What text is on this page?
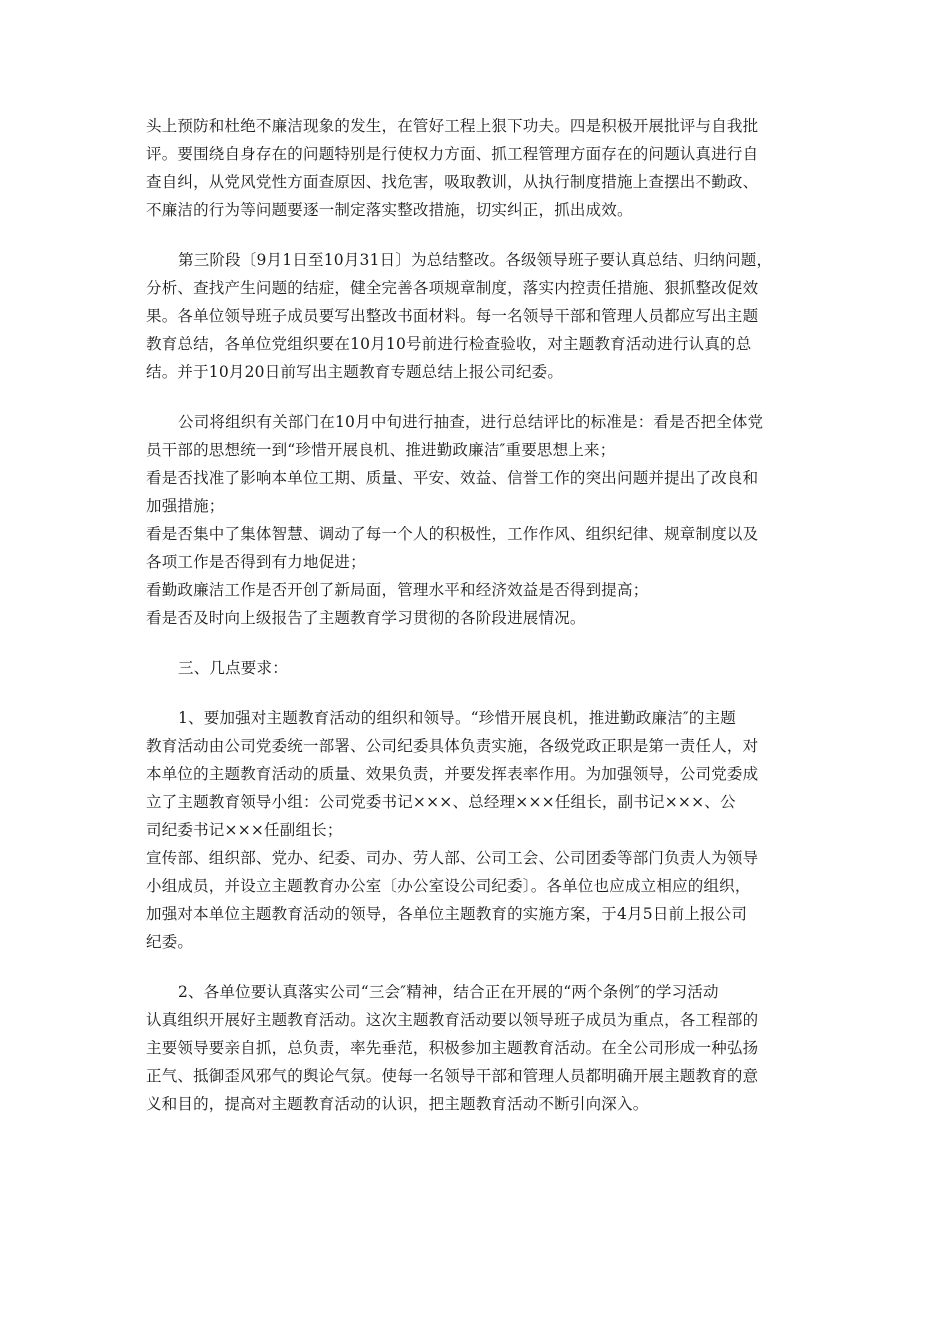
头上预防和杜绝不廉洁现象的发生，在管好工程上狠下功夫。四是积极开展批评与自我批
评。要围绕自身存在的问题特别是行使权力方面、抓工程管理方面存在的问题认真进行自
查自纠，从党风党性方面查原因、找危害，吸取教训，从执行制度措施上查摆出不勤政、
不廉洁的行为等问题要逐一制定落实整改措施，切实纠正，抓出成效。
第三阶段〔9月1日至10月31日〕为总结整改。各级领导班子要认真总结、归纳问题，
分析、查找产生问题的结症，健全完善各项规章制度，落实内控责任措施、狠抓整改促效
果。各单位领导班子成员要写出整改书面材料。每一名领导干部和管理人员都应写出主题
教育总结，各单位党组织要在10月10号前进行检查验收，对主题教育活动进行认真的总
结。并于10月20日前写出主题教育专题总结上报公司纪委。
公司将组织有关部门在10月中旬进行抽查，进行总结评比的标准是：看是否把全体党
员干部的思想统一到“珍惜开展良机、推进勤政廉洁″重要思想上来；
看是否找准了影响本单位工期、质量、平安、效益、信誉工作的突出问题并提出了改良和
加强措施；
看是否集中了集体智慧、调动了每一个人的积极性，工作作风、组织纪律、规章制度以及
各项工作是否得到有力地促进；
看勤政廉洁工作是否开创了新局面，管理水平和经济效益是否得到提高；
看是否及时向上级报告了主题教育学习贯彻的各阶段进展情况。
三、几点要求：
1、要加强对主题教育活动的组织和领导。“珍惜开展良机，推进勤政廉洁″的主题
教育活动由公司党委统一部署、公司纪委具体负责实施，各级党政正职是第一责任人，对
本单位的主题教育活动的质量、效果负责，并要发挥表率作用。为加强领导，公司党委成
立了主题教育领导小组：公司党委书记×××、总经理×××任组长，副书记×××、公
司纪委书记×××任副组长；
宣传部、组织部、党办、纪委、司办、劳人部、公司工会、公司团委等部门负责人为领导
小组成员，并设立主题教育办公室〔办公室设公司纪委〕。各单位也应成立相应的组织，
加强对本单位主题教育活动的领导，各单位主题教育的实施方案，于4月5日前上报公司
纪委。
2、各单位要认真落实公司“三会″精神，结合正在开展的“两个条例″的学习活动
认真组织开展好主题教育活动。这次主题教育活动要以领导班子成员为重点，各工程部的
主要领导要亲自抓，总负责，率先垂范，积极参加主题教育活动。在全公司形成一种弘扬
正气、抵御歪风邪气的舆论气氛。使每一名领导干部和管理人员都明确开展主题教育的意
义和目的，提高对主题教育活动的认识，把主题教育活动不断引向深入。
